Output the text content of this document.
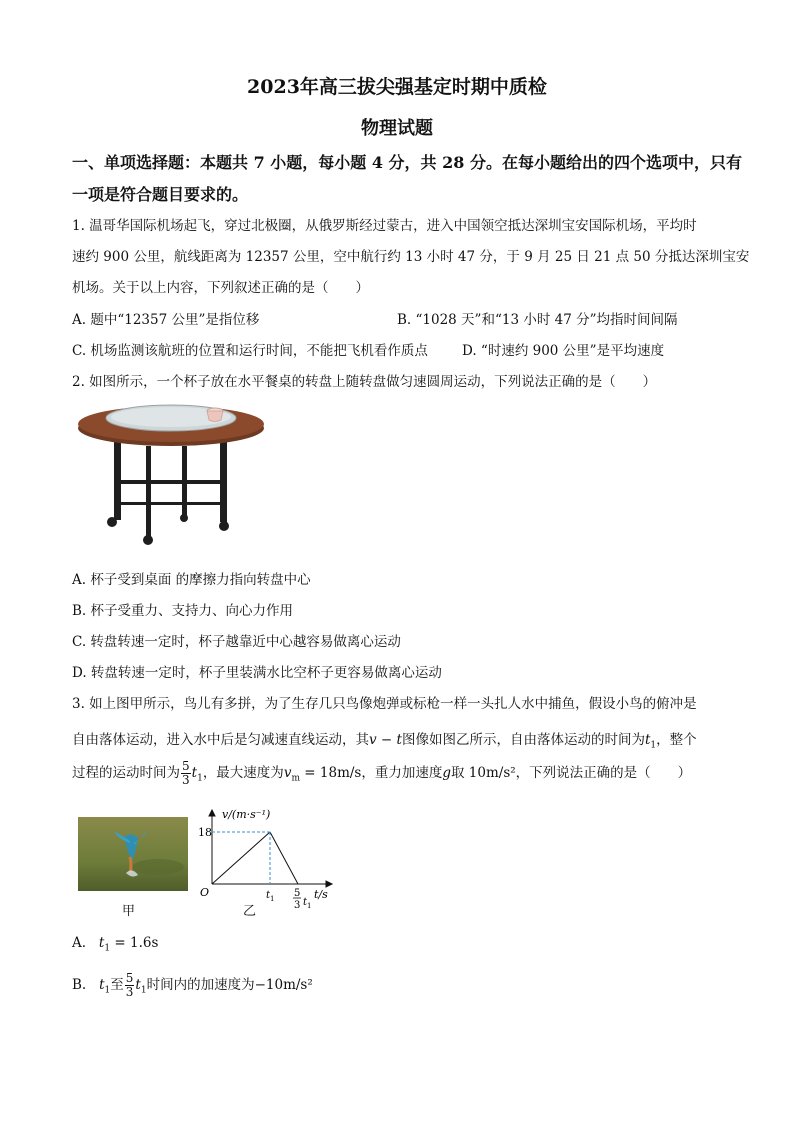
2023年高三拔尖强基定时期中质检
物理试题
一、单项选择题：本题共 7 小题，每小题 4 分，共 28 分。在每小题给出的四个选项中，只有
一项是符合题目要求的。
1. 温哥华国际机场起飞，穿过北极圈，从俄罗斯经过蒙古，进入中国领空抵达深圳宝安国际机场，平均时
速约 900 公里，航线距离为 12357 公里，空中航行约 13 小时 47 分，于 9 月 25 日 21 点 50 分抵达深圳宝安
机场。关于以上内容，下列叙述正确的是（　　）
A. 题中“12357 公里”是指位移	B. “1028 天”和“13 小时 47 分”均指时间间隔
C. 机场监测该航班的位置和运行时间，不能把飞机看作质点	D. “时速约 900 公里”是平均速度
2. 如图所示，一个杯子放在水平餐桌的转盘上随转盘做匀速圆周运动，下列说法正确的是（　　）
A. 杯子受到桌面 的摩擦力指向转盘中心
B. 杯子受重力、支持力、向心力作用
C. 转盘转速一定时，杯子越靠近中心越容易做离心运动
D. 转盘转速一定时，杯子里装满水比空杯子更容易做离心运动
3. 如上图甲所示，鸟儿有多拼，为了生存几只鸟像炮弹或标枪一样一头扎人水中捕鱼，假设小鸟的俯冲是
自由落体运动，进入水中后是匀减速直线运动，其v − t图像如图乙所示，自由落体运动的时间为$t_1$，整个
过程的运动时间为 $\frac{5}{3} t_1$，最大速度为$v_m = 18m/s$，重力加速度g取 10m/s²，下列说法正确的是（　　）
甲
v/(m·s⁻¹)
18
O	t/s
t 1 5
3 t 1
乙
A. $t_1 = 1.6s$
B. $t_1$至 $\frac{5}{3} t_1$时间内的加速度为−10m/s²
